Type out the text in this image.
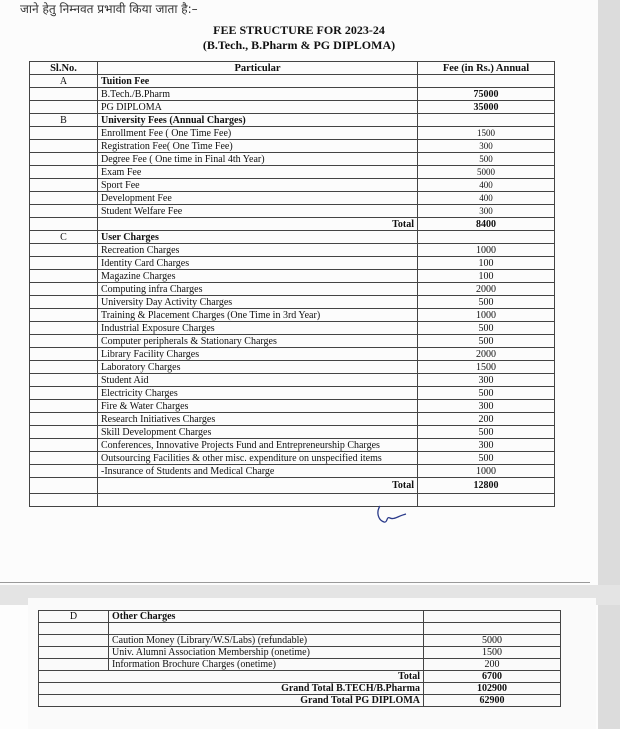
जाने हेतु निम्नवत प्रभावी किया जाता है:–
FEE STRUCTURE FOR 2023-24
(B.Tech., B.Pharm & PG DIPLOMA)
Sl.No.	Particular	Fee (in Rs.) Annual
A	Tuition Fee	
	B.Tech./B.Pharm	75000
	PG DIPLOMA	35000
B	University Fees (Annual Charges)	
	Enrollment Fee ( One Time Fee)	1500
	Registration Fee( One Time Fee)	300
	Degree Fee ( One time in Final 4th Year)	500
	Exam Fee	5000
	Sport Fee	400
	Development Fee	400
	Student Welfare Fee	300
	Total	8400
C	User Charges	
	Recreation Charges	1000
	Identity Card Charges	100
	Magazine Charges	100
	Computing infra Charges	2000
	University Day Activity Charges	500
	Training & Placement Charges (One Time in 3rd Year)	1000
	Industrial Exposure Charges	500
	Computer peripherals & Stationary Charges	500
	Library Facility Charges	2000
	Laboratory Charges	1500
	Student Aid	300
	Electricity Charges	500
	Fire & Water Charges	300
	Research Initiatives Charges	200
	Skill Development Charges	500
	Conferences, Innovative Projects Fund and Entrepreneurship Charges	300
	Outsourcing Facilities & other misc. expenditure on unspecified items	500
	-Insurance of Students and Medical Charge	1000
	Total	12800

D	Other Charges	

	Caution Money (Library/W.S/Labs) (refundable)	5000
	Univ. Alumni Association Membership (onetime)	1500
	Information Brochure Charges (onetime)	200
Total		6700
Grand Total B.TECH/B.Pharma		102900
Grand Total PG DIPLOMA		62900
